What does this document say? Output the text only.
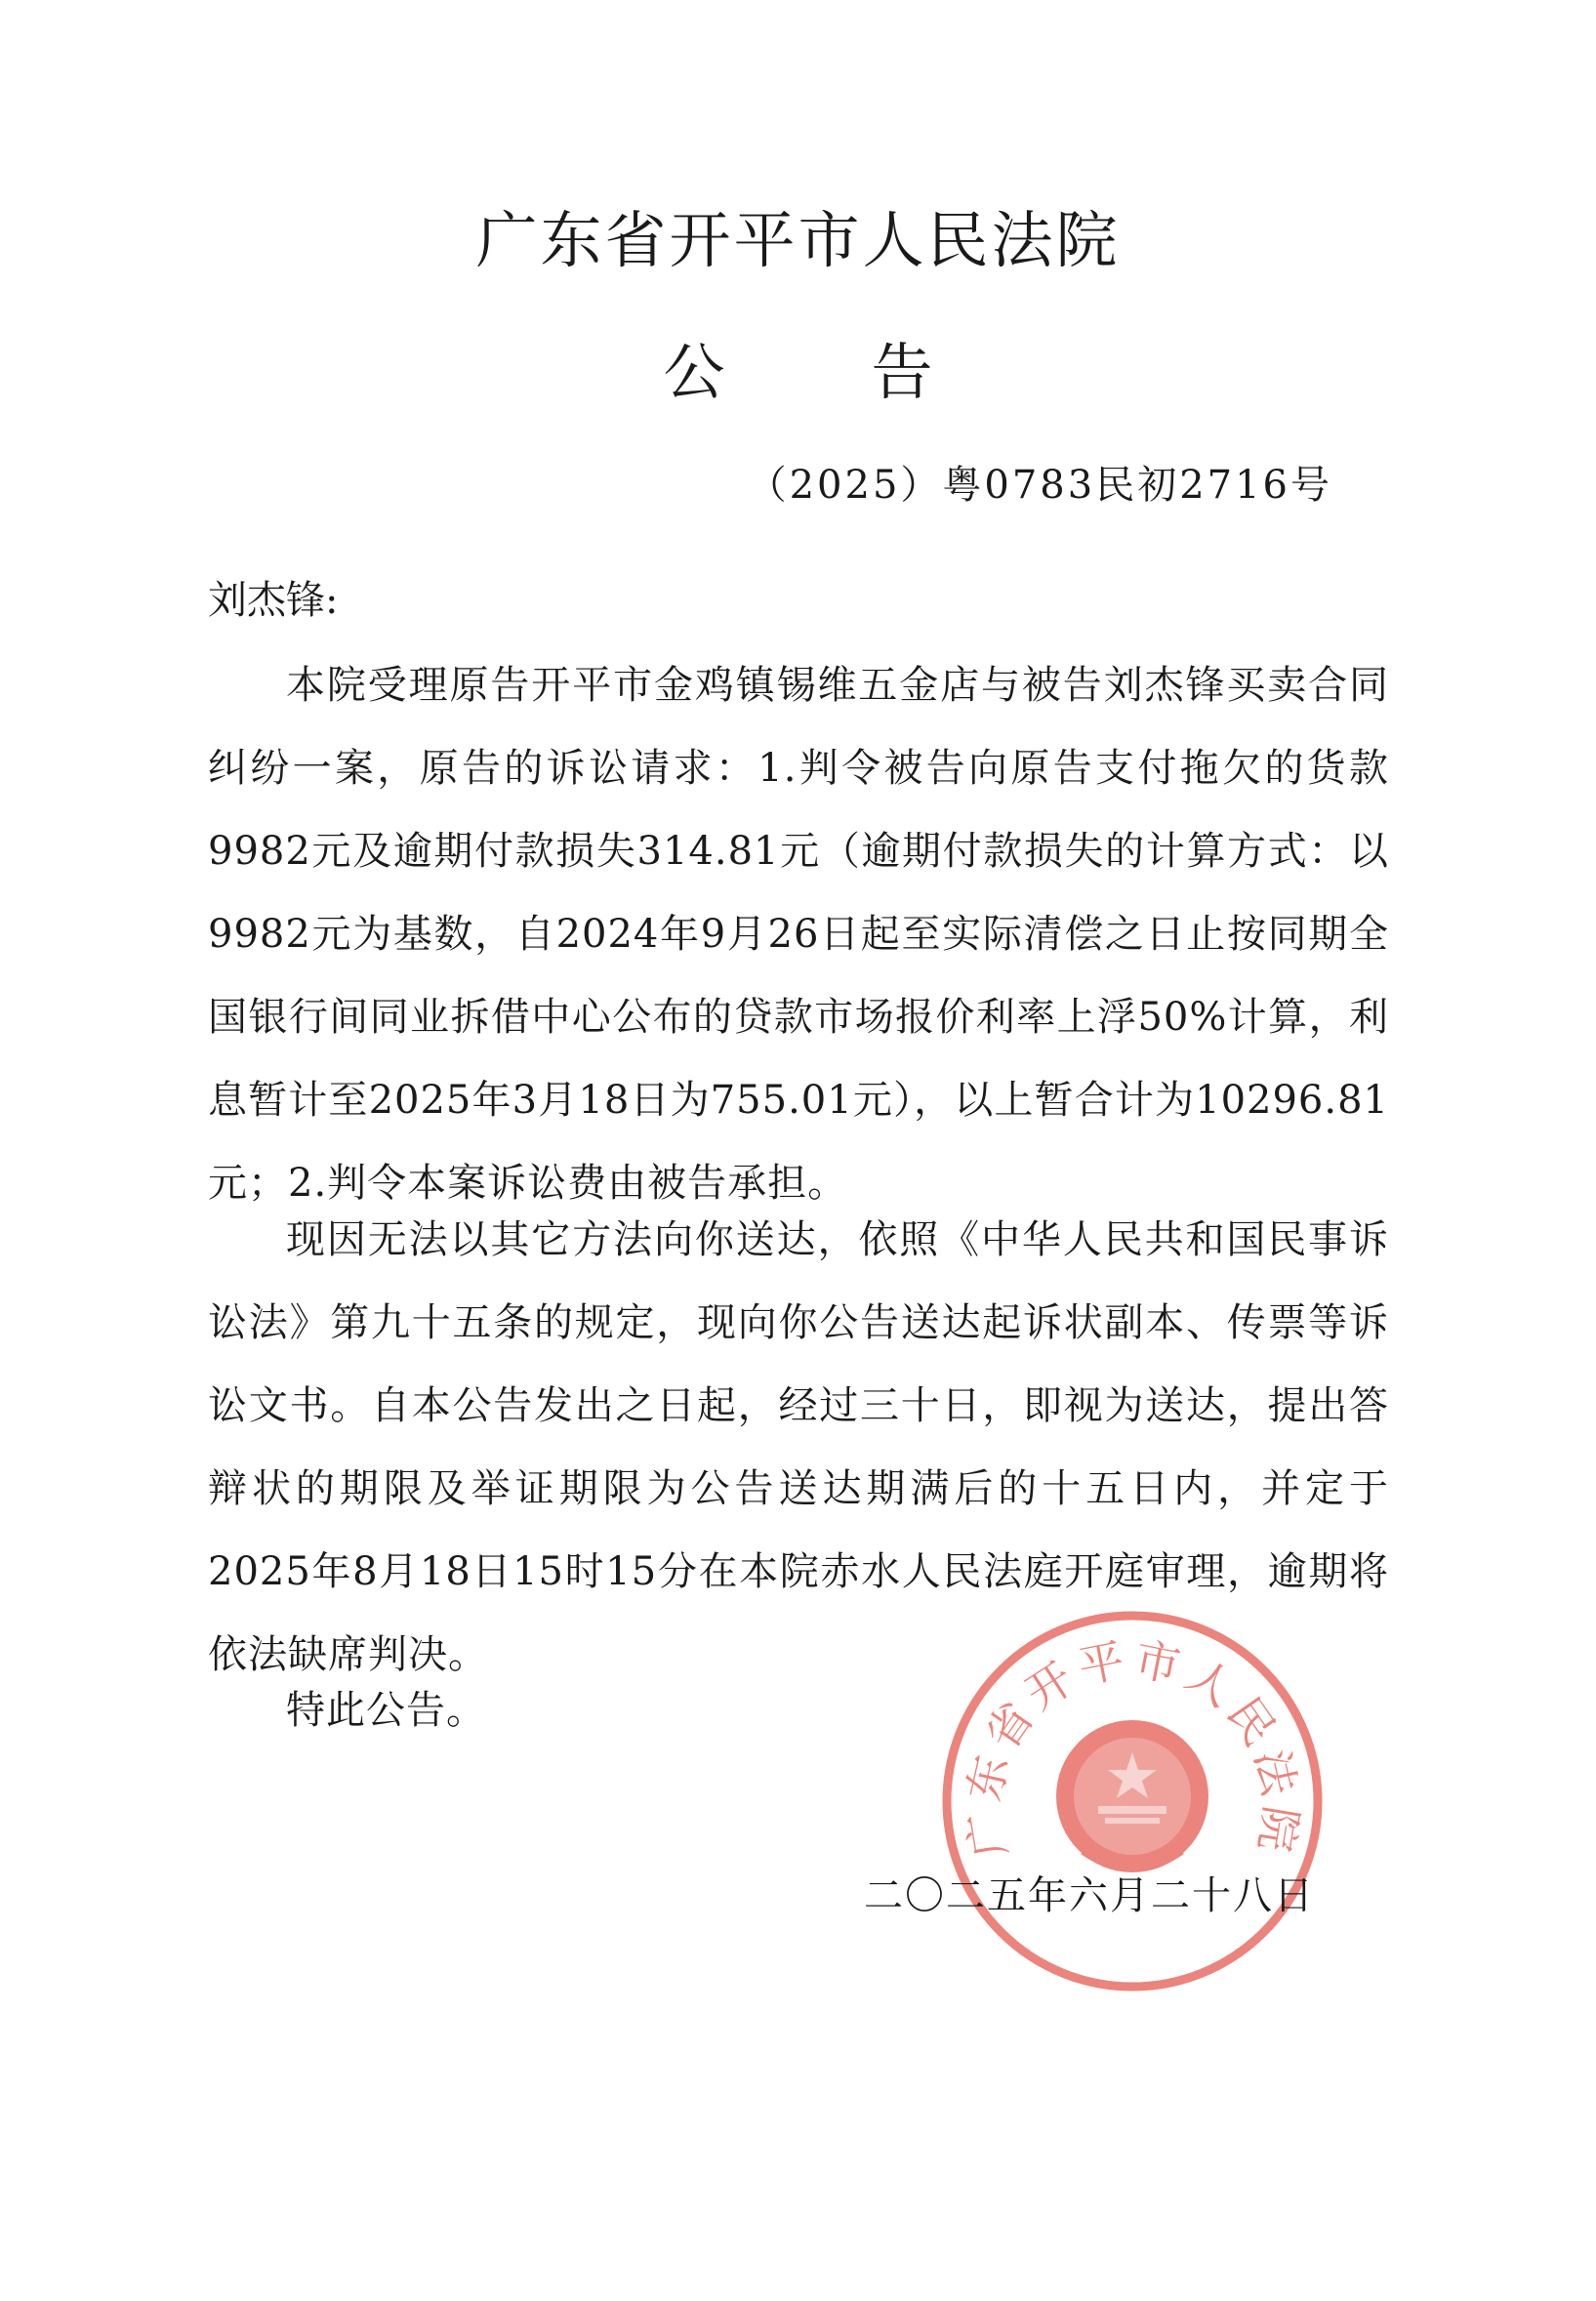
广东省开平市人民法院
公 告
（2025）粤0783民初2716号
刘杰锋:

本院受理原告开平市金鸡镇锡维五金店与被告刘杰锋买卖合同纠纷一案，原告的诉讼请求：1.判令被告向原告支付拖欠的货款9982元及逾期付款损失314.81元（逾期付款损失的计算方式：以9982元为基数，自2024年9月26日起至实际清偿之日止按同期全国银行间同业拆借中心公布的贷款市场报价利率上浮50%计算，利息暂计至2025年3月18日为755.01元），以上暂合计为10296.81元；2.判令本案诉讼费由被告承担。

现因无法以其它方法向你送达，依照《中华人民共和国民事诉讼法》第九十五条的规定，现向你公告送达起诉状副本、传票等诉讼文书。自本公告发出之日起，经过三十日，即视为送达，提出答辩状的期限及举证期限为公告送达期满后的十五日内，并定于2025年8月18日15时15分在本院赤水人民法庭开庭审理，逾期将依法缺席判决。

特此公告。

广东省开平市人民法院
二〇二五年六月二十八日
